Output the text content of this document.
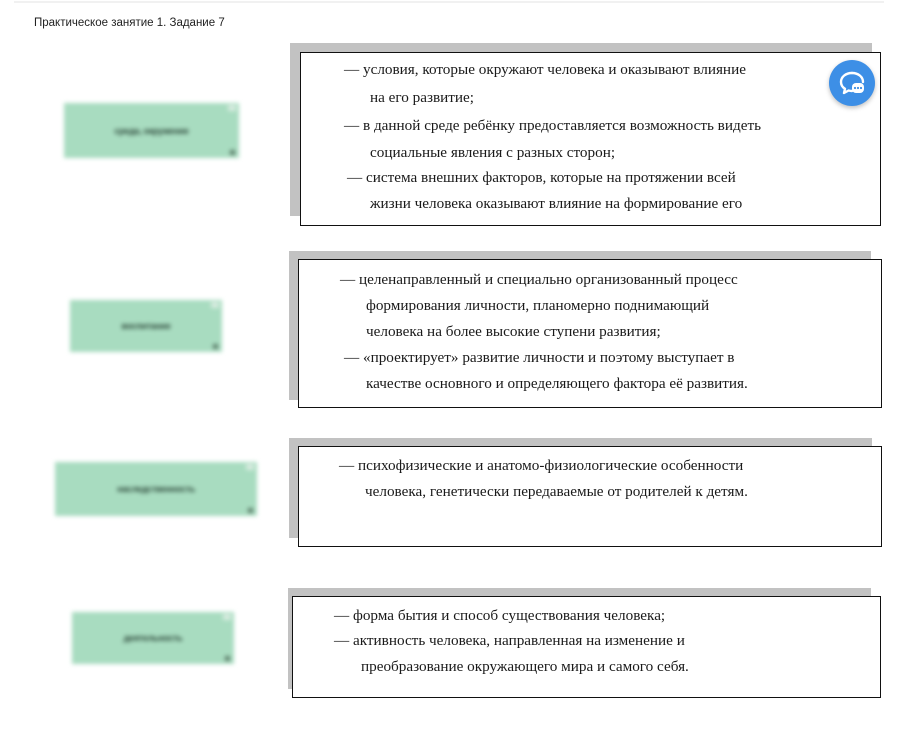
Практическое занятие 1. Задание 7
среда, окружение
воспитание
наследственность
деятельность
— условия, которые окружают человека и оказывают влияние
на его развитие;
— в данной среде ребёнку предоставляется возможность видеть
социальные явления с разных сторон;
— система внешних факторов, которые на протяжении всей
жизни человека оказывают влияние на формирование его
— целенаправленный и специально организованный процесс
формирования личности, планомерно поднимающий
человека на более высокие ступени развития;
— «проектирует» развитие личности и поэтому выступает в
качестве основного и определяющего фактора её развития.
— психофизические и анатомо-физиологические особенности
человека, генетически передаваемые от родителей к детям.
— форма бытия и способ существования человека;
— активность человека, направленная на изменение и
преобразование окружающего мира и самого себя.
